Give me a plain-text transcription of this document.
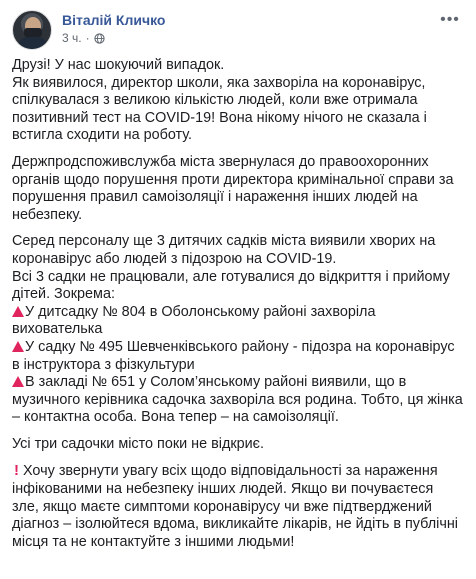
Віталій Кличко
3 ч. ·
•••

Друзі! У нас шокуючий випадок.
Як виявилося, директор школи, яка захворіла на коронавірус, спілкувалася з великою кількістю людей, коли вже отримала позитивний тест на COVID-19! Вона нікому нічого не сказала і встигла сходити на роботу.

Держпродспоживслужба міста звернулася до правоохоронних органів щодо порушення проти директора кримінальної справи за порушення правил самоізоляції і нараження інших людей на небезпеку.

Серед персоналу ще 3 дитячих садків міста виявили хворих на коронавірус або людей з підозрою на COVID-19.
Всі 3 садки не працювали, але готувалися до відкриття і прийому дітей. Зокрема:

У дитсадку № 804 в Оболонському районі захворіла вихователька

У садку № 495 Шевченківського району - підозра на коронавірус в інструктора з фізкультури

В закладі № 651 у Солом’янському районі виявили, що в музичного керівника садочка захворіла вся родина. Тобто, ця жінка – контактна особа. Вона тепер – на самоізоляції.

Усі три садочки місто поки не відкриє.

! Хочу звернути увагу всіх щодо відповідальності за нараження інфікованими на небезпеку інших людей. Якщо ви почуваєтеся зле, якщо маєте симптоми коронавірусу чи вже підтверджений діагноз – ізолюйтеся вдома, викликайте лікарів, не йдіть в публічні місця та не контактуйте з іншими людьми!
